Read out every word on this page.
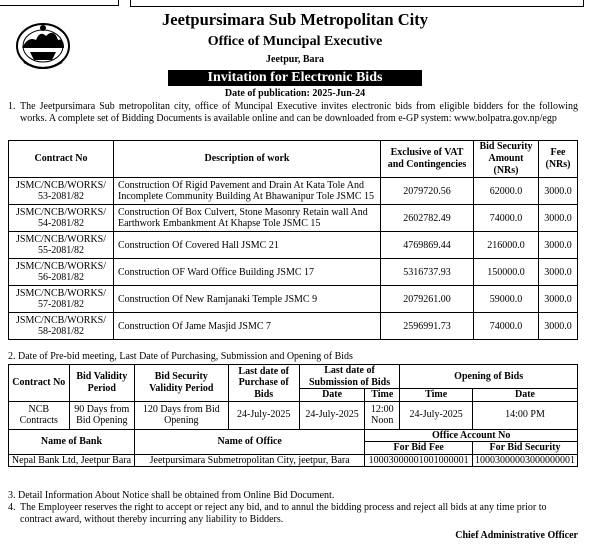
Jeetpursimara Sub Metropolitan City
Office of Muncipal Executive
Jeetpur, Bara
Invitation for Electronic Bids
Date of publication: 2025-Jun-24
1. The Jeetpursimara Sub metropolitan city, office of Muncipal Executive invites electronic bids from eligible bidders for the following works. A complete set of Bidding Documents is available online and can be downloaded from e-GP system: www.bolpatra.gov.np/egp
Contract No	Description of work	Exclusive of VAT and Contingencies	Bid Security Amount (NRs)	Fee (NRs)
JSMC/NCB/WORKS/ 53-2081/82	Construction Of Rigid Pavement and Drain At Kata Tole And Incomplete Community Building At Bhawanipur Tole JSMC 15	2079720.56	62000.0	3000.0
JSMC/NCB/WORKS/ 54-2081/82	Construction Of Box Culvert, Stone Masonry Retain wall And Earthwork Embankment At Khapse Tole JSMC 15	2602782.49	74000.0	3000.0
JSMC/NCB/WORKS/ 55-2081/82	Construction Of Covered Hall JSMC 21	4769869.44	216000.0	3000.0
JSMC/NCB/WORKS/ 56-2081/82	Construction OF Ward Office Building JSMC 17	5316737.93	150000.0	3000.0
JSMC/NCB/WORKS/ 57-2081/82	Construction Of New Ramjanaki Temple JSMC 9	2079261.00	59000.0	3000.0
JSMC/NCB/WORKS/ 58-2081/82	Construction Of Jame Masjid JSMC 7	2596991.73	74000.0	3000.0
2. Date of Pre-bid meeting, Last Date of Purchasing, Submission and Opening of Bids
Contract No	Bid Validity Period	Bid Security Validity Period	Last date of Purchase of Bids	Last date of Submission of Bids		Opening of Bids	
				Date	Time	Time	Date
NCB Contracts	90 Days from Bid Opening	120 Days from Bid Opening	24-July-2025	24-July-2025	12:00 Noon	24-July-2025	14:00 PM
Name of Bank		Name of Office			Office Account No		
					For Bid Fee		For Bid Security
Nepal Bank Ltd, Jeetpur Bara		Jeetpursimara Submetropolitan City, jeetpur, Bara			10003000001001000001		10003000003000000001
3. Detail Information About Notice shall be obtained from Online Bid Document.
4. The Employeer reserves the right to accept or reject any bid, and to annul the bidding process and reject all bids at any time prior to contract award, without thereby incurring any liability to Bidders.
Chief Administrative Officer
